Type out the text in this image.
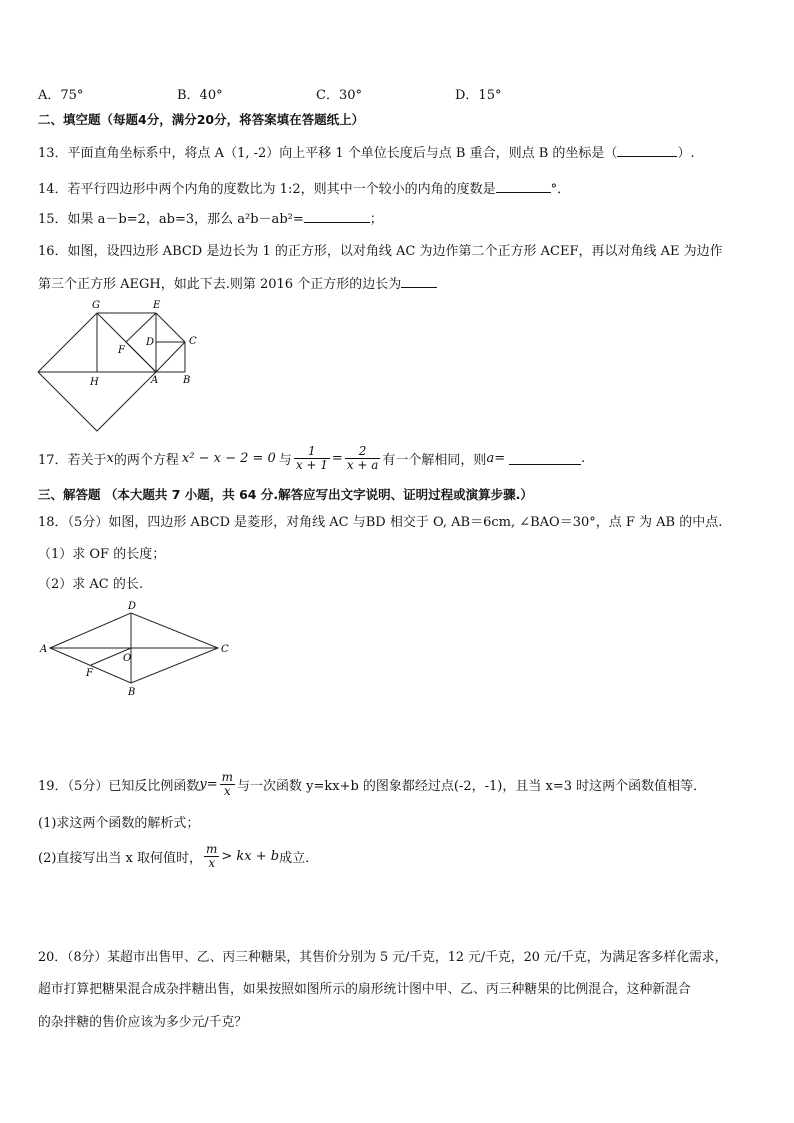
A．75°	B．40°	C．30°	D．15°
二、填空题（每题4分，满分20分，将答案填在答题纸上）
13．平面直角坐标系中，将点 A（1, -2）向上平移 1 个单位长度后与点 B 重合，则点 B 的坐标是（	）.
14．若平行四边形中两个内角的度数比为 1:2，则其中一个较小的内角的度数是	°．
15．如果 a－b=2，ab=3，那么 a²b－ab²=	；
16．如图，设四边形 ABCD 是边长为 1 的正方形，以对角线 AC 为边作第二个正方形 ACEF，再以对角线 AE 为边作
第三个正方形 AEGH，如此下去.则第 2016 个正方形的边长为
G	E
F
D	C
H	A B
17．若关于 x 的两个方程 x² − x − 2 = 0 与 $\frac{1}{x + 1} = \frac{2}{x + a}$ 有一个解相同，则 a =	.
三、解答题 （本大题共 7 小题，共 64 分.解答应写出文字说明、证明过程或演算步骤.）
18．（5分）如图，四边形 ABCD 是菱形，对角线 AC 与BD 相交于 O, AB＝6cm, ∠BAO＝30°，点 F 为 AB 的中点.
（1）求 OF 的长度；
（2）求 AC 的长.
A
D
C
B
O
F
19．（5分）已知反比例函数 $y = \frac{m}{x}$ 与一次函数 y=kx+b 的图象都经过点(-2，-1)，且当 x=3 时这两个函数值相等．
(1)求这两个函数的解析式；
(2)直接写出当 x 取何值时， $\frac{m}{x}$ > kx + b 成立．
20．（8分）某超市出售甲、乙、丙三种糖果，其售价分别为 5 元/千克，12 元/千克，20 元/千克，为满足客多样化需求，
超市打算把糖果混合成杂拌糖出售，如果按照如图所示的扇形统计图中甲、乙、丙三种糖果的比例混合，这种新混合
的杂拌糖的售价应该为多少元/千克？
